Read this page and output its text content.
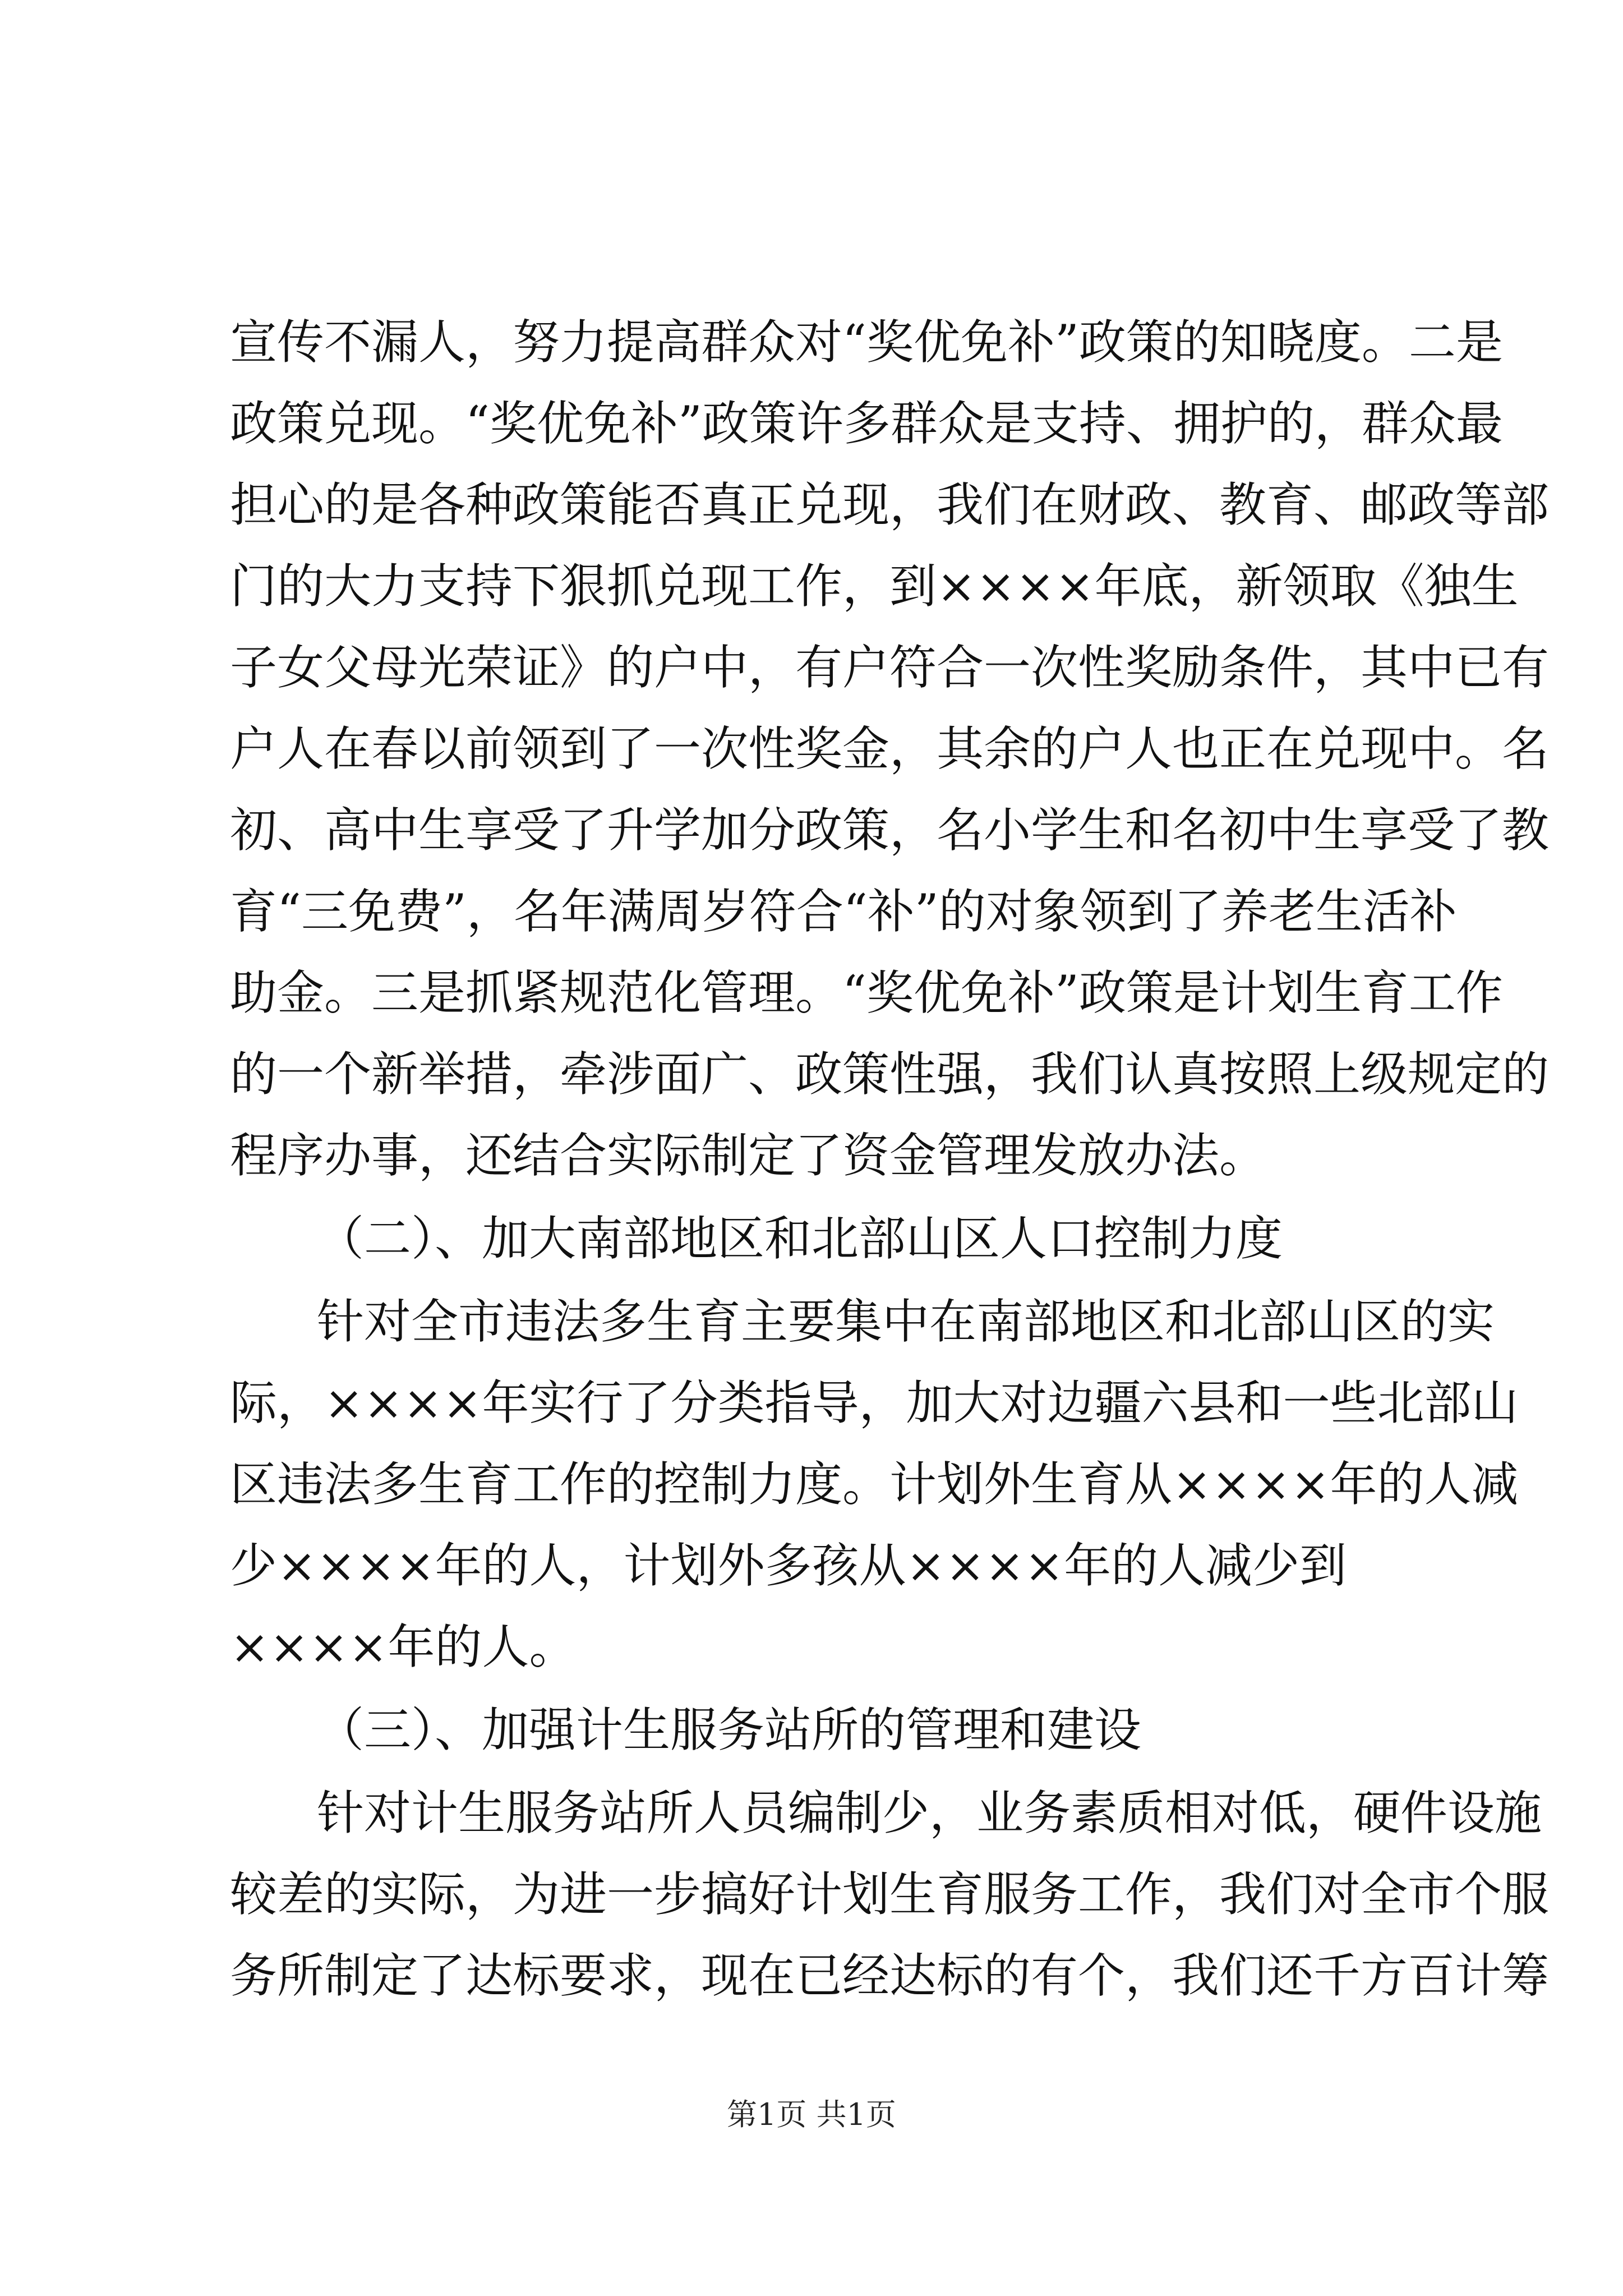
宣传不漏人，努力提高群众对“奖优免补”政策的知晓度。二是

政策兑现。“奖优免补”政策许多群众是支持、拥护的，群众最

担心的是各种政策能否真正兑现，我们在财政、教育、邮政等部

门的大力支持下狠抓兑现工作，到××××年底，新领取《独生

子女父母光荣证》的户中，有户符合一次性奖励条件，其中已有

户人在春以前领到了一次性奖金，其余的户人也正在兑现中。名

初、高中生享受了升学加分政策，名小学生和名初中生享受了教

育“三免费”，名年满周岁符合“补”的对象领到了养老生活补

助金。三是抓紧规范化管理。“奖优免补”政策是计划生育工作

的一个新举措，牵涉面广、政策性强，我们认真按照上级规定的

程序办事，还结合实际制定了资金管理发放办法。

（二）、加大南部地区和北部山区人口控制力度

针对全市违法多生育主要集中在南部地区和北部山区的实

际，××××年实行了分类指导，加大对边疆六县和一些北部山

区违法多生育工作的控制力度。计划外生育从××××年的人减

少××××年的人，计划外多孩从××××年的人减少到

××××年的人。

（三）、加强计生服务站所的管理和建设

针对计生服务站所人员编制少，业务素质相对低，硬件设施

较差的实际，为进一步搞好计划生育服务工作，我们对全市个服

务所制定了达标要求，现在已经达标的有个，我们还千方百计筹

第1页 共1页
